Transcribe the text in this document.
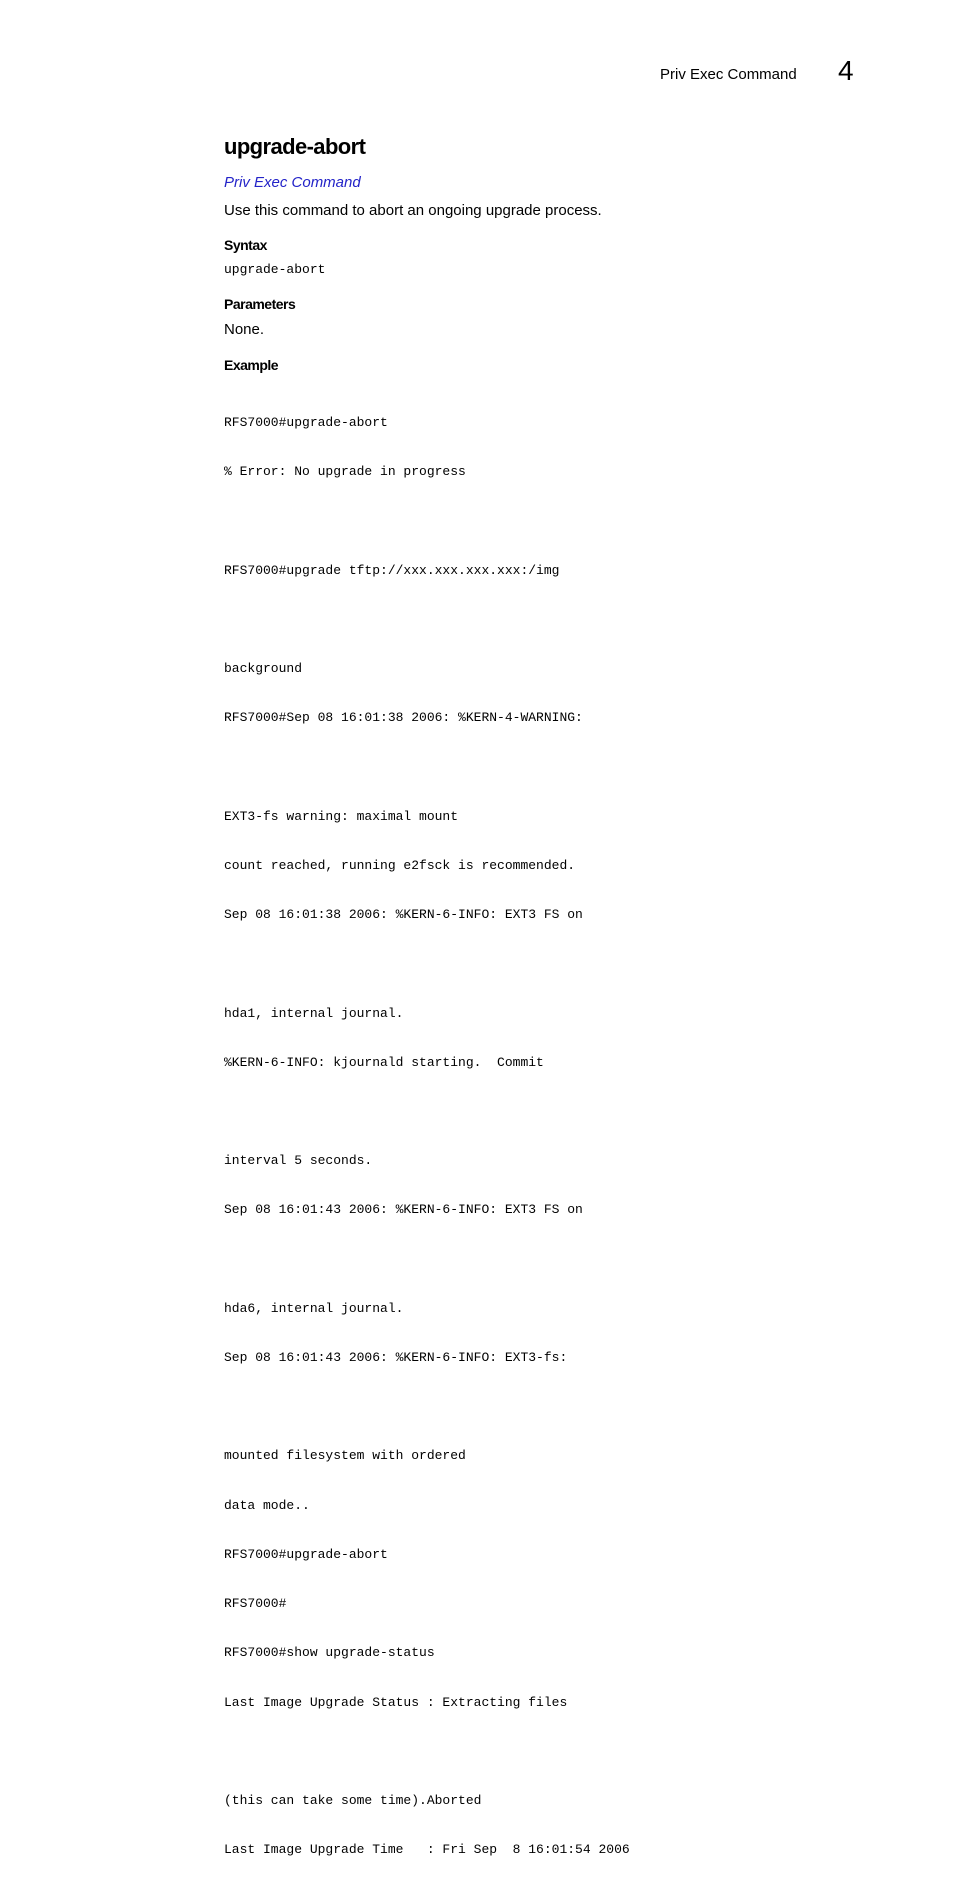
Priv Exec Command 4
upgrade-abort
Priv Exec Command
Use this command to abort an ongoing upgrade process.
Syntax
upgrade-abort
Parameters
None.
Example

RFS7000#upgrade-abort

% Error: No upgrade in progress

RFS7000#upgrade tftp://xxx.xxx.xxx.xxx:/img

background

RFS7000#Sep 08 16:01:38 2006: %KERN-4-WARNING:

EXT3-fs warning: maximal mount

count reached, running e2fsck is recommended.

Sep 08 16:01:38 2006: %KERN-6-INFO: EXT3 FS on

hda1, internal journal.

%KERN-6-INFO: kjournald starting.  Commit

interval 5 seconds.

Sep 08 16:01:43 2006: %KERN-6-INFO: EXT3 FS on

hda6, internal journal.

Sep 08 16:01:43 2006: %KERN-6-INFO: EXT3-fs:

mounted filesystem with ordered

data mode..

RFS7000#upgrade-abort

RFS7000#

RFS7000#show upgrade-status

Last Image Upgrade Status : Extracting files

(this can take some time).Aborted

Last Image Upgrade Time   : Fri Sep  8 16:01:54 2006
